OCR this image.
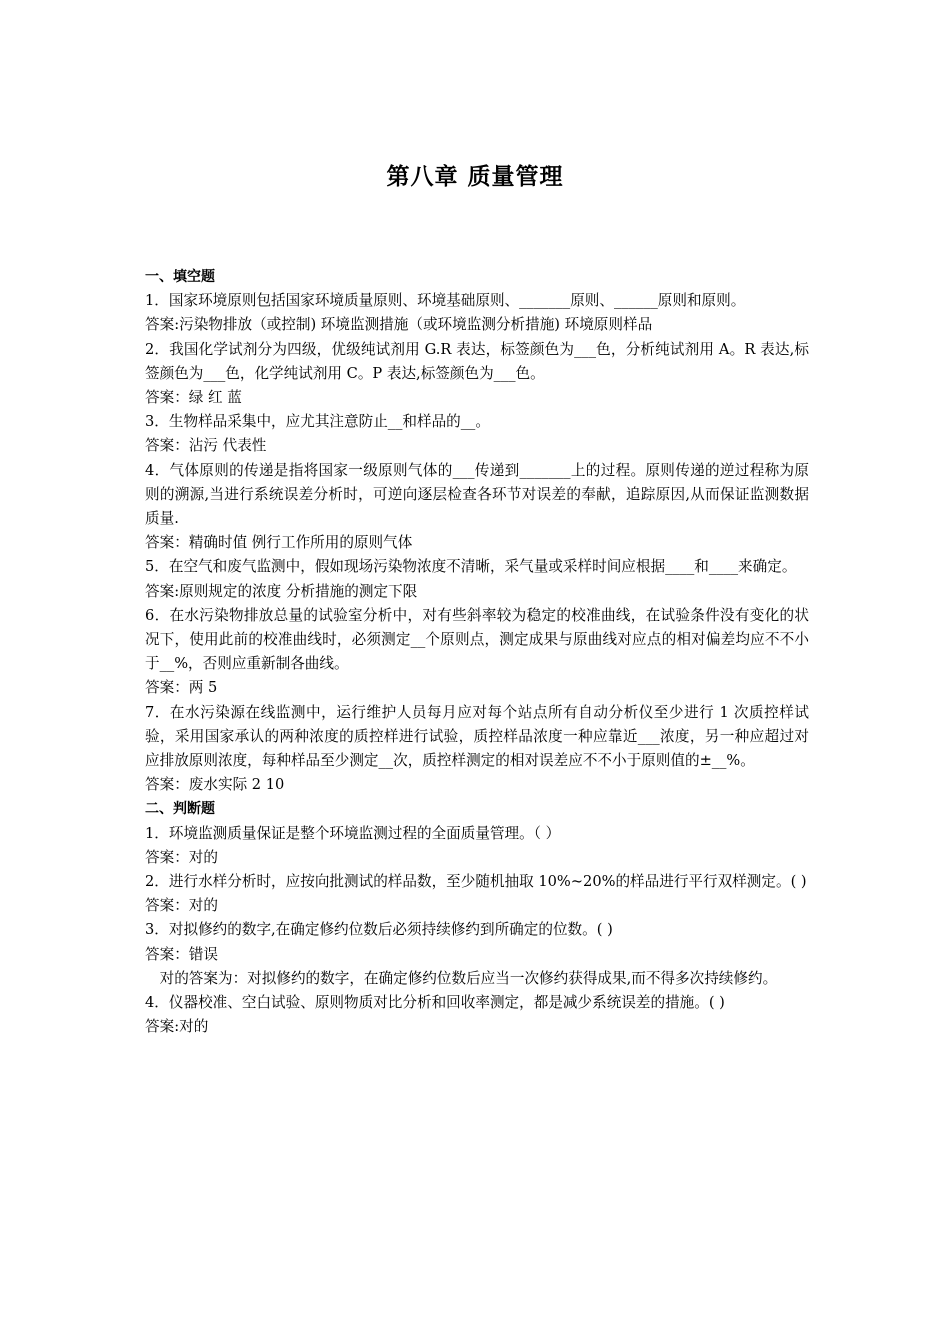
第八章 质量管理
一、填空题

1．国家环境原则包括国家环境质量原则、环境基础原则、_______原则、______原则和原则。

答案:污染物排放（或控制) 环境监测措施（或环境监测分析措施) 环境原则样品

2．我国化学试剂分为四级，优级纯试剂用 G.R 表达，标签颜色为___色，分析纯试剂用 A。R 表达,标签颜色为___色，化学纯试剂用 C。P 表达,标签颜色为___色。

答案：绿 红 蓝

3．生物样品采集中，应尤其注意防止__和样品的__。

答案：沾污 代表性

4．气体原则的传递是指将国家一级原则气体的___传递到_______上的过程。原则传递的逆过程称为原则的溯源,当进行系统误差分析时，可逆向逐层检查各环节对误差的奉献，追踪原因,从而保证监测数据质量.

答案：精确时值 例行工作所用的原则气体

5．在空气和废气监测中，假如现场污染物浓度不清晰，采气量或采样时间应根据____和____来确定。

答案:原则规定的浓度 分析措施的测定下限

6．在水污染物排放总量的试验室分析中，对有些斜率较为稳定的校准曲线，在试验条件没有变化的状况下，使用此前的校准曲线时，必须测定__个原则点，测定成果与原曲线对应点的相对偏差均应不不小于__%，否则应重新制各曲线。

答案：两 5

7．在水污染源在线监测中，运行维护人员每月应对每个站点所有自动分析仪至少进行 1 次质控样试验，采用国家承认的两种浓度的质控样进行试验，质控样品浓度一种应靠近___浓度，另一种应超过对应排放原则浓度，每种样品至少测定__次，质控样测定的相对误差应不不小于原则值的±__%。

答案：废水实际 2 10

二、判断题

1．环境监测质量保证是整个环境监测过程的全面质量管理。（ ）

答案：对的

2．进行水样分析时，应按向批测试的样品数，至少随机抽取 10%~20%的样品进行平行双样测定。( )

答案：对的

3．对拟修约的数字,在确定修约位数后必须持续修约到所确定的位数。( )

答案：错误

对的答案为：对拟修约的数字，在确定修约位数后应当一次修约获得成果,而不得多次持续修约。

4．仪器校准、空白试验、原则物质对比分析和回收率测定，都是减少系统误差的措施。( )

答案:对的
